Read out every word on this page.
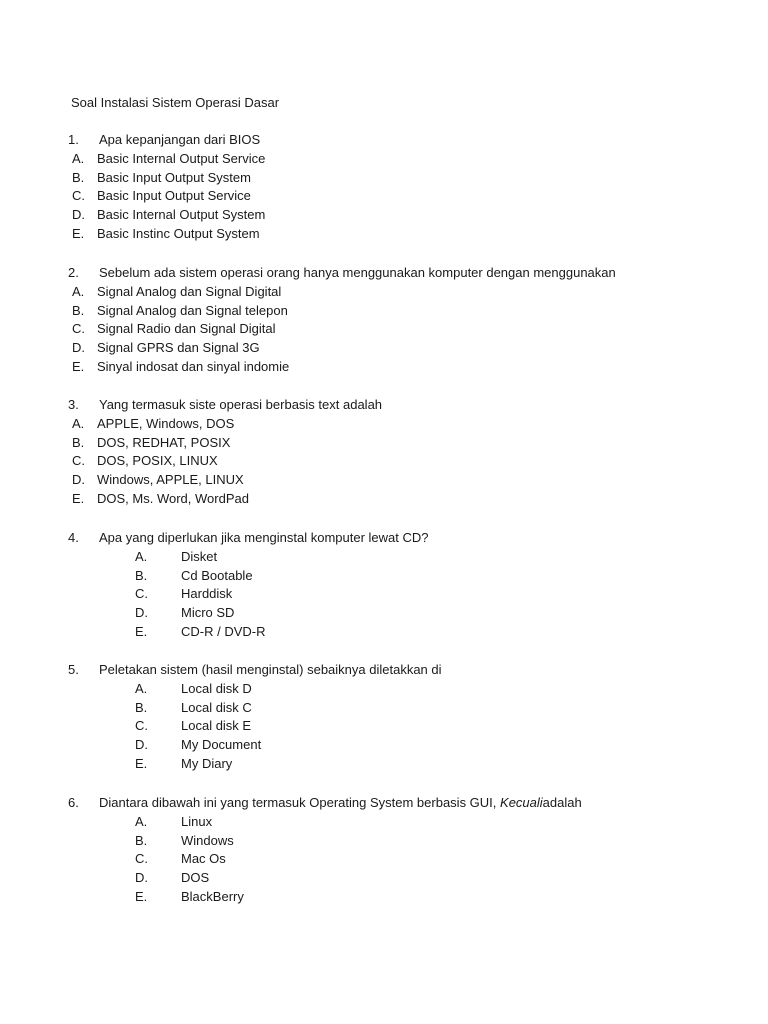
Soal Instalasi Sistem Operasi Dasar
1. Apa kepanjangan dari BIOS
A. Basic Internal Output Service
B. Basic Input Output System
C. Basic Input Output Service
D. Basic Internal Output System
E. Basic Instinc Output System
2. Sebelum ada sistem operasi orang hanya menggunakan komputer dengan menggunakan
A. Signal Analog dan Signal Digital
B. Signal Analog dan Signal telepon
C. Signal Radio dan Signal Digital
D. Signal GPRS dan Signal 3G
E. Sinyal indosat dan sinyal indomie
3. Yang termasuk siste operasi berbasis text adalah
A. APPLE, Windows, DOS
B. DOS, REDHAT, POSIX
C. DOS, POSIX, LINUX
D. Windows, APPLE, LINUX
E. DOS, Ms. Word, WordPad
4. Apa yang diperlukan jika menginstal komputer lewat CD?
A.	Disket
B.	Cd Bootable
C.	Harddisk
D.	Micro SD
E.	CD-R / DVD-R
5. Peletakan sistem (hasil menginstal) sebaiknya diletakkan di
A.	Local disk D
B.	Local disk C
C.	Local disk E
D.	My Document
E.	My Diary
6. Diantara dibawah ini yang termasuk Operating System berbasis GUI, Kecualiadalah
A.	Linux
B.	Windows
C.	Mac Os
D.	DOS
E.	BlackBerry
